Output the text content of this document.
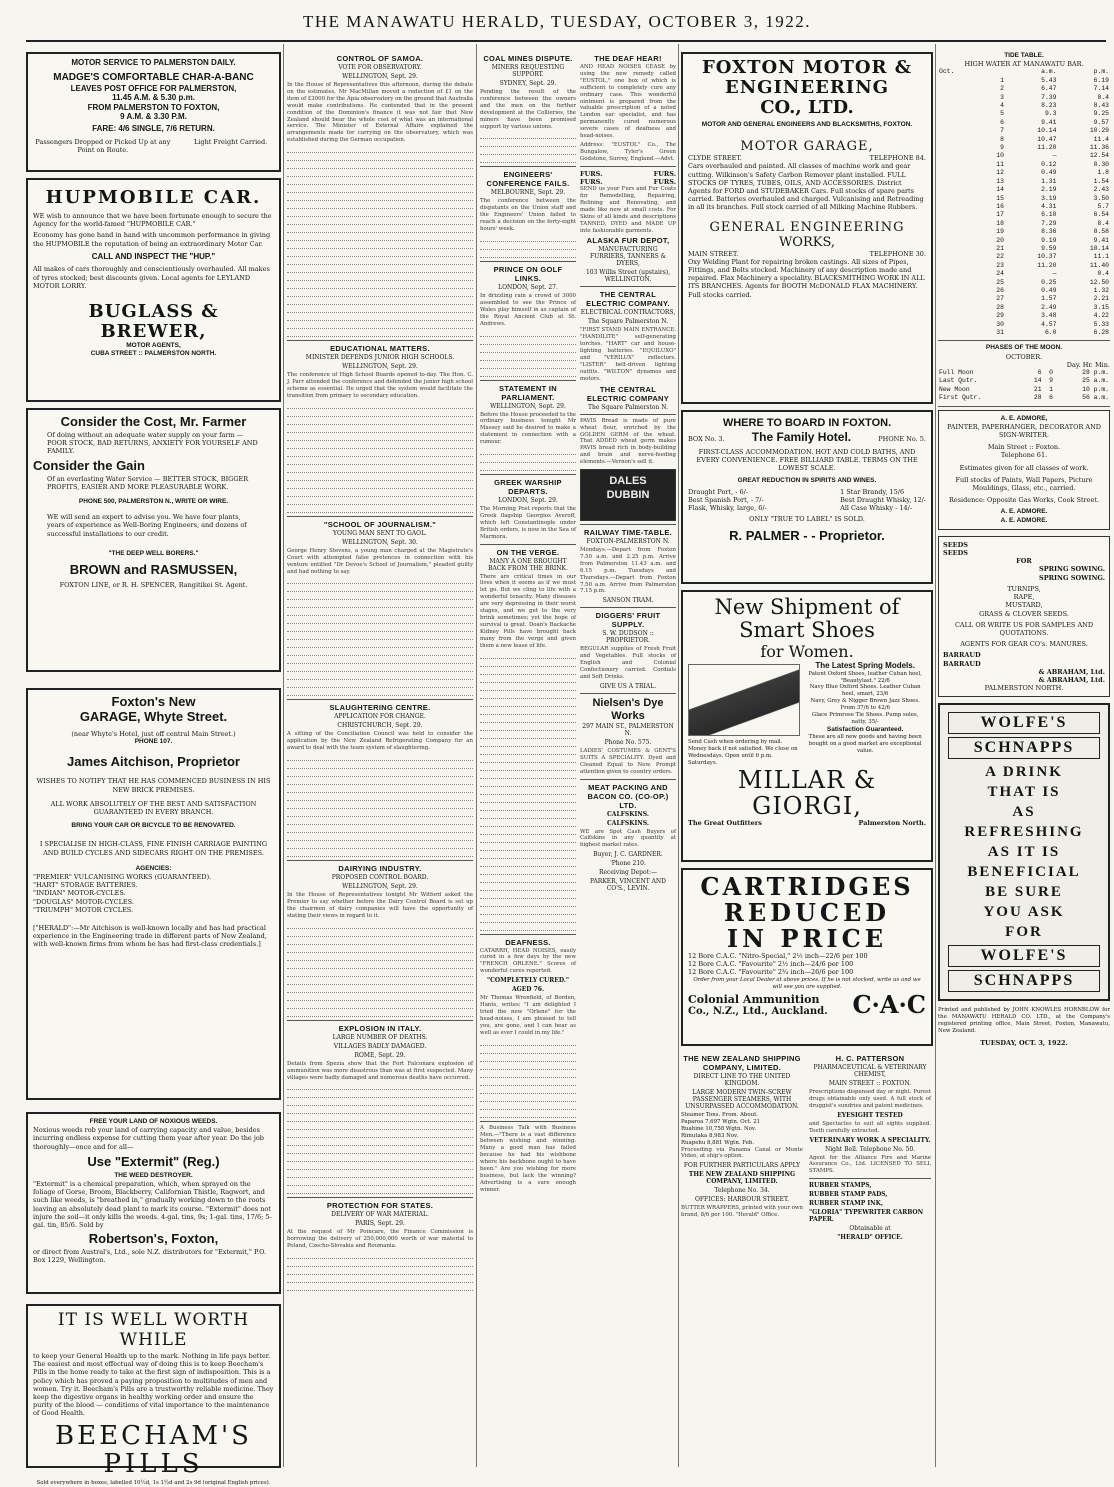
THE MANAWATU HERALD, TUESDAY, OCTOBER 3, 1922.
MOTOR SERVICE TO PALMERSTON DAILY.
MADGE'S COMFORTABLE CHAR-A-BANC
LEAVES POST OFFICE FOR PALMERSTON,
11.45 A.M. & 5.30 p.m.
FROM PALMERSTON TO FOXTON,
9 A.M. & 3.30 P.M.
FARE: 4/6 SINGLE, 7/6 RETURN.
Passengers Dropped or Picked Up at any Point on Route.
Light Freight Carried.
HUPMOBILE CAR.
WE wish to announce that we have been fortunate enough to secure the Agency for the world-famed "HUPMOBILE CAR."
Economy has gone hand in hand with uncommon performance in giving the HUPMOBILE the reputation of being an extraordinary Motor Car.
CALL AND INSPECT THE "HUP."
All makes of cars thoroughly and conscientiously overhauled. All makes of tyres stocked; best discounts given. Local agents for LEYLAND MOTOR LORRY.
BUGLASS & BREWER,
MOTOR AGENTS,
CUBA STREET :: PALMERSTON NORTH.
Consider the Cost, Mr. Farmer
Of doing without an adequate water supply on your farm — POOR STOCK, BAD RETURNS, ANXIETY FOR YOURSELF AND FAMILY.
Consider the Gain
Of an everlasting Water Service — BETTER STOCK, BIGGER PROFITS, EASIER AND MORE PLEASURABLE WORK.
PHONE 500, PALMERSTON N., WRITE OR WIRE.
WE will send an expert to advise you. We have four plants, years of experience as Well-Boring Engineers, and dozens of successful installations to our credit.
"THE DEEP WELL BORERS."
BROWN and RASMUSSEN,
FOXTON LINE, or R. H. SPENCER, Rangitikei St. Agent.
Foxton's New
GARAGE, Whyte Street.
(near Whyte's Hotel, just off central Main Street.)
PHONE 107.
James Aitchison, Proprietor
WISHES TO NOTIFY THAT HE HAS COMMENCED BUSINESS IN HIS NEW BRICK PREMISES.
ALL WORK ABSOLUTELY OF THE BEST AND SATISFACTION GUARANTEED IN EVERY BRANCH.
BRING YOUR CAR OR BICYCLE TO BE RENOVATED.
I SPECIALISE IN HIGH-CLASS, FINE FINISH CARRIAGE PAINTING AND BUILD CYCLES AND SIDECARS RIGHT ON THE PREMISES.
AGENCIES:
"PREMIER" VULCANISING WORKS (GUARANTEED).
"HART" STORAGE BATTERIES.
"INDIAN" MOTOR-CYCLES.
"DOUGLAS" MOTOR-CYCLES.
"TRIUMPH" MOTOR CYCLES.
["HERALD":—Mr Aitchison is well-known locally and has had practical experience in the Engineering trade in different parts of New Zealand, with well-known firms from whom he has had first-class credentials.]
FREE YOUR LAND OF NOXIOUS WEEDS.
Noxious weeds rob your land of carrying capacity and value, besides incurring endless expense for cutting them year after year. Do the job thoroughly—once and for all—
Use "Extermit" (Reg.)
THE WEED DESTROYER.
"Extermit" is a chemical preparation, which, when sprayed on the foliage of Gorse, Broom, Blackberry, Californian Thistle, Ragwort, and such like weeds, is "breathed in," gradually working down to the roots leaving an absolutely dead plant to mark its course. "Extermit" does not injure the soil—it only kills the weeds. 4-gal. tins, 9s; 1-gal. tins, 17/6; 5-gal. tin, 85/6. Sold by
Robertson's, Foxton,
or direct from Austral's, Ltd., sole N.Z. distributors for "Extermit," P.O. Box 1229, Wellington.
IT IS WELL WORTH WHILE
to keep your General Health up to the mark. Nothing in life pays better. The easiest and most effectual way of doing this is to keep Beecham's Pills in the home ready to take at the first sign of indisposition. This is a policy which has proved a paying proposition to multitudes of men and women. Try it. Beecham's Pills are a trustworthy reliable medicine. They keep the digestive organs in healthy working order and ensure the purity of the blood — conditions of vital importance to the maintenance of Good Health.
BEECHAM'S
PILLS
Sold everywhere in boxes, labelled 10½d, 1s 1½d and 2s 9d (original English prices).
CONTROL OF SAMOA.
VOTE FOR OBSERVATORY.
WELLINGTON, Sept. 29.

In the House of Representatives this afternoon, during the debate on the estimates, Mr MacMillan moved a reduction of £1 on the item of £3000 for the Apia observatory on the ground that Australia would make contributions. He contended that in the present condition of the Dominion's finance it was not fair that New Zealand should bear the whole cost of what was an international service. The Minister of External Affairs explained the arrangements made for carrying on the observatory, which was established during the German occupation.

EDUCATIONAL MATTERS.
MINISTER DEFENDS JUNIOR HIGH SCHOOLS.
WELLINGTON, Sept. 29.

The conference of High School Boards opened to-day. The Hon. C. J. Parr attended the conference and defended the junior high school scheme as essential. He urged that the system would facilitate the transition from primary to secondary education.

"SCHOOL OF JOURNALISM."
YOUNG MAN SENT TO GAOL.
WELLINGTON, Sept. 30.

George Henry Stevens, a young man charged at the Magistrate's Court with attempted false pretences in connection with his venture entitled "Dr Devoe's School of Journalism," pleaded guilty and had nothing to say.

SLAUGHTERING CENTRE.
APPLICATION FOR CHANGE.
CHRISTCHURCH, Sept. 29.

A sitting of the Conciliation Council was held to consider the application by the New Zealand Refrigerating Company for an award to deal with the team system of slaughtering.

DAIRYING INDUSTRY.
PROPOSED CONTROL BOARD.
WELLINGTON, Sept. 29.

In the House of Representatives tonight Mr Witford asked the Premier to say whether before the Dairy Control Board is set up the chairmen of dairy companies will have the opportunity of stating their views in regard to it.

EXPLOSION IN ITALY.
LARGE NUMBER OF DEATHS.
VILLAGES BADLY DAMAGED.
ROME, Sept. 29.

Details from Spezia show that the Fort Falconara explosion of ammunition was more disastrous than was at first suspected. Many villages were badly damaged and numerous deaths have occurred.

PROTECTION FOR STATES.
DELIVERY OF WAR MATERIAL.
PARIS, Sept. 29.

At the request of Mr Poincare, the Finance Commission is borrowing the delivery of 250,000,000 worth of war material to Poland, Czecho-Slovakia and Roumania.

COAL MINES DISPUTE.
MINERS REQUESTING SUPPORT.
SYDNEY, Sept. 29.

Pending the result of the conference between the owners and the men on the further development at the Collieries, the miners have been promised support by various unions.

ENGINEERS' CONFERENCE FAILS.
MELBOURNE, Sept. 29.

The conference between the disputants on the Union staff and the Engineers' Union failed to reach a decision on the forty-eight hours' week.

PRINCE ON GOLF LINKS.
LONDON, Sept. 27.

In drizzling rain a crowd of 3000 assembled to see the Prince of Wales play himself in as captain of the Royal Ancient Club at St. Andrews.

STATEMENT IN PARLIAMENT.
WELLINGTON, Sept. 29.

Before the House proceeded to the ordinary business tonight Mr Massey said he desired to make a statement in connection with a rumour.

GREEK WARSHIP DEPARTS.
LONDON, Sept. 29.

The Morning Post reports that the Greek flagship Georgios Averoff, which left Constantinople under British orders, is now in the Sea of Marmora.

ON THE VERGE.
MANY A ONE BROUGHT BACK FROM THE BRINK.

There are critical times in our lives when it seems as if we must let go. But we cling to life with a wonderful tenacity. Many diseases are very depressing in their worst stages, and we get to the very brink sometimes; yet the hope of survival is great. Doan's Backache Kidney Pills have brought back many from the verge and given them a new lease of life.

DEAFNESS.

CATARRH, HEAD NOISES, easily cured in a few days by the new "FRENCH ORLENE." Scores of wonderful cures reported.

"COMPLETELY CURED."
AGED 76.

Mr Thomas Wrenfield, of Borden, Hants, writes: "I am delighted I tried the new "Orlene" for the head-noises, I am pleased to tell you, are gone, and I can hear as well as ever I could in my life."

A Business Talk with Business Men.—"There is a vast difference between wishing and winning. Many a good man has failed because he had his wishbone where his backbone ought to have been." Are you wishing for more business, but lack the winning? Advertising is a sure enough winner.

THE DEAF HEAR!

AND HEAD NOISES CEASE by using the new remedy called "EUSTOL," one box of which is sufficient to completely cure any ordinary case. This wonderful ointment is prepared from the valuable prescription of a noted London ear specialist, and has permanently cured numerous severe cases of deafness and head-noises.

Address: "EUSTOL" Co., The Bungalow, Tyler's Green Godstone, Surrey, England.—Advt.

FURS.	FURS.
FURS.	FURS.

SEND us your Furs and Fur Coats for Remodelling, Repairing, Relining and Renovating, and made like new at small costs. For Skins of all kinds and descriptions TANNED, DYED and MADE UP into fashionable garments.

ALASKA FUR DEPOT,
MANUFACTURING FURRIERS, TANNERS & DYERS,
103 Willis Street (upstairs), WELLINGTON.
THE CENTRAL ELECTRIC COMPANY.
ELECTRICAL CONTRACTORS,
The Square Palmerston N.

"FIRST STAND MAIN ENTRANCE. "HANDILITE" self-generating torches. "HART" car and house-lighting batteries. "EQUILUXO" and "VERILUX" reflectors. "LISTER" belt-driven lighting outfits. "WILTON" dynamos and motors.

THE CENTRAL ELECTRIC COMPANY
The Square Palmerston N.

PAVIS Bread is made of pure wheat flour, enriched by the GOLDEN GERM of the wheat. That ADDED wheat germ makes PAVIS bread rich in body-building and brain and nerve-feeding elements.—Vernon's sell it.

DALES
DUBBIN
RAILWAY TIME-TABLE.
FOXTON-PALMERSTON N.

Mondays.—Depart from Foxton 7.50 a.m. and 2.25 p.m. Arrive from Palmerston 11.43 a.m. and 6.15 p.m. Tuesdays and Thursdays.—Depart from Foxton 7.50 a.m. Arrive from Palmerston 7.15 p.m.

SANSON TRAM.
DIGGERS' FRUIT SUPPLY.
S. W. DUDSON :: PROPRIETOR.

REGULAR supplies of Fresh Fruit and Vegetables. Full stocks of English and Colonial Confectionery carried. Cordials and Soft Drinks.

GIVE US A TRIAL.
Nielsen's Dye Works
297 MAIN ST., PALMERSTON N.
Phone No. 575.

LADIES' COSTUMES & GENT'S SUITS A SPECIALITY. Dyed and Cleaned Equal to New. Prompt attention given to country orders.

MEAT PACKING AND BACON CO. (CO-OP.) LTD.
CALFSKINS.
CALFSKINS.

WE are Spot Cash Buyers of Calfskins in any quantity at highest market rates.

Buyer, J. C. GARDNER.
'Phone 210.
Receiving Depot:—
PARKER, VINCENT AND CO'S., LEVIN.
FOXTON MOTOR &
ENGINEERING
CO., LTD.
MOTOR AND GENERAL ENGINEERS AND BLACKSMITHS, FOXTON.
MOTOR GARAGE,
CLYDE STREET.	TELEPHONE 84.
Cars overhauled and painted. All classes of machine work and gear cutting. Wilkinson's Safety Carbon Remover plant installed. FULL STOCKS OF TYRES, TUBES, OILS, AND ACCESSORIES. District Agents for FORD and STUDEBAKER Cars. Full stocks of spare parts carried. Batteries overhauled and charged. Vulcanising and Retreading in all its branches. Full stock carried of all Milking Machine Rubbers.
GENERAL ENGINEERING
WORKS,
MAIN STREET.	TELEPHONE 30.
Oxy Welding Plant for repairing broken castings. All sizes of Pipes, Fittings, and Bolts stocked. Machinery of any description made and repaired. Flax Machinery a speciality. BLACKSMITHING WORK IN ALL ITS BRANCHES. Agents for BOOTH McDONALD FLAX MACHINERY. Full stocks carried.
WHERE TO BOARD IN FOXTON.
BOX No. 3. The Family Hotel.	PHONE No. 5.
FIRST-CLASS ACCOMMODATION. HOT AND COLD BATHS, AND EVERY CONVENIENCE. FREE BILLIARD TABLE. TERMS ON THE LOWEST SCALE.
GREAT REDUCTION IN SPIRITS AND WINES.
Draught Port, - 6/-
Best Spanish Port, - 7/-
Flask, Whisky, large, 6/-
1 Star Brandy, 15/6
Best Draught Whisky, 12/-
All Case Whisky - 14/-
ONLY "TRUE TO LABEL" IS SOLD.
R. PALMER - - Proprietor.
New Shipment of
Smart Shoes
for Women.
Send Cash when ordering by mail. Money back if not satisfied. We close on Wednesdays. Open until 6 p.m. Saturdays.
The Latest Spring Models.
Patent Oxford Shoes, leather Cuban heel, "Beautylast." 22/6
Navy Blue Oxford Shoes. Leather Cuban heel, smart, 23/6
Navy, Grey & Nigger Brown Jazz Shoes. From 37/6 to 42/6
Glace Primrose Tie Shoes. Pump soles, natty, 35/-
Satisfaction Guaranteed.
These are all new goods and having been bought on a good market are exceptional value.
MILLAR & GIORGI,
The Great Outfitters	Palmerston North.
CARTRIDGES
REDUCED
IN PRICE
12 Bore C.A.C. "Nitro-Special," 2½ inch—22/6 per 100
12 Bore C.A.C. "Favourite" 2½ inch—24/6 per 100
12 Bore C.A.C. "Favourite" 2¾ inch—26/6 per 100
Order from your Local Dealer at above prices. If he is not stocked, write us and we will see you are supplied.
Colonial Ammunition
Co., N.Z., Ltd., Auckland. C·A·C
THE NEW ZEALAND SHIPPING COMPANY, LIMITED.
DIRECT LINE TO THE UNITED KINGDOM.
LARGE MODERN TWIN-SCREW PASSENGER STEAMERS, WITH UNSURPASSED ACCOMMODATION.
Steamer Tons. From. About.
Paparoa 7,697 Wgtn. Oct. 21
Ruahine 10,758 Wgtn. Nov.
Rimutaka 8,983 Nov.
Ruapehu 8,881 Wgtn. Feb.

Proceeding via Panama Canal or Monte Video, at ship's option.

FOR FURTHER PARTICULARS APPLY
THE NEW ZEALAND SHIPPING COMPANY, LIMITED.
Telephone No. 34.
OFFICES: HARBOUR STREET.

BUTTER WRAPPERS, printed with your own brand, 8/6 per 100. "Herald" Office.

H. C. PATTERSON
PHARMACEUTICAL & VETERINARY CHEMIST,
MAIN STREET :: FOXTON.

Prescriptions dispensed day or night. Purest drugs obtainable only used. A full stock of druggist's sundries and patent medicines.

EYESIGHT TESTED

and Spectacles to suit all sights supplied. Teeth carefully extracted.

VETERINARY WORK A SPECIALITY.
Night Bell. Telephone No. 50.

Agent for the Alliance Fire and Marine Assurance Co., Ltd. LICENSED TO SELL STAMPS.

RUBBER STAMPS,
RUBBER STAMP PADS,
RUBBER STAMP INK,
"GLORIA" TYPEWRITER CARBON PAPER.
Obtainable at
"HERALD" OFFICE.
TIDE TABLE.
HIGH WATER AT MANAWATU BAR.
Oct.		a.m.	p.m.
	1	5.43	6.19
	2	6.47	7.14
	3	7.39	8.4
	4	8.23	8.43
	5	9.3	9.25
	6	9.41	9.57
	7	10.14	10.29
	8	10.47	11.4
	9	11.20	11.36
	10	—	12.54
	11	0.12	0.30
	12	0.49	1.8
	13	1.31	1.54
	14	2.19	2.43
	15	3.19	3.50
	16	4.31	5.7
	17	6.10	6.54
	18	7.29	8.4
	19	8.36	8.58
	20	9.19	9.41
	21	9.59	10.14
	22	10.37	11.1
	23	11.20	11.40
	24	—	0.4
	25	0.25	12.50
	26	0.49	1.32
	27	1.57	2.21
	28	2.49	3.15
	29	3.48	4.22
	30	4.57	5.33
	31	6.0	6.28
PHASES OF THE MOON.
OCTOBER.
Day. Hr. Min.
Full Moon	6	0	28 p.m.
Last Qutr.	14	9	25 a.m.
New Moon	21	1	10 p.m.
First Qutr.	28	6	56 a.m.
A. E. ADMORE,
PAINTER, PAPERHANGER, DECORATOR AND SIGN-WRITER.
Main Street :: Foxton.
Telephone 61.
Estimates given for all classes of work.
Full stocks of Paints, Wall Papers, Picture Mouldings, Glass, etc., carried.
Residence: Opposite Gas Works, Cook Street.
A. E. ADMORE.
A. E. ADMORE.
SEEDS
SEEDS
FOR
SPRING SOWING.
SPRING SOWING.
TURNIPS,
RAPE,
MUSTARD,
GRASS & CLOVER SEEDS.
CALL OR WRITE US FOR SAMPLES AND QUOTATIONS.
AGENTS FOR GEAR CO's. MANURES.
BARRAUD
BARRAUD
& ABRAHAM, Ltd.
& ABRAHAM, Ltd.
PALMERSTON NORTH.
WOLFE'S
SCHNAPPS
A DRINK
THAT IS
AS
REFRESHING
AS IT IS
BENEFICIAL
BE SURE
YOU ASK
FOR
WOLFE'S
SCHNAPPS
Printed and published by JOHN KNOWLES HORNBLOW for the MANAWATU HERALD CO. LTD., at the Company's registered printing office, Main Street, Foxton, Manawatu, New Zealand.
TUESDAY, OCT. 3, 1922.
